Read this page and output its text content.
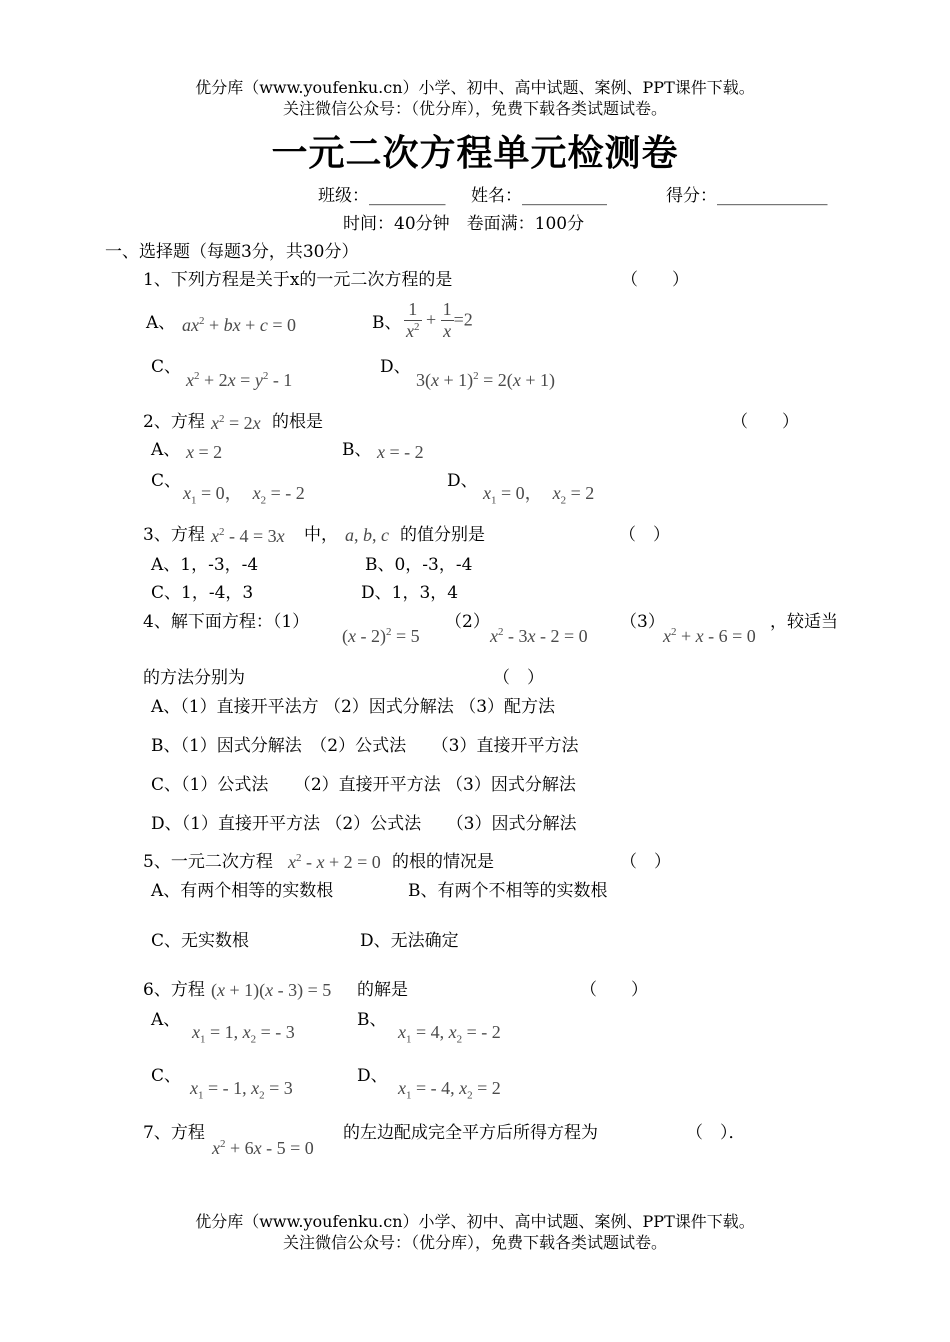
优分库（www.youfenku.cn）小学、初中、高中试题、案例、PPT课件下载。
关注微信公众号：（优分库），免费下载各类试题试卷。
一元二次方程单元检测卷
班级：_________ 姓名：__________	得分：_____________
时间：40分钟　卷面满：100分
一、选择题（每题3分，共30分）
1、下列方程是关于x的一元二次方程的是	（　　）
A、 $ax^2$ + bx + c = 0	B、 $\frac{1}{x^2} + \frac{1}{x} =2$
C、
$x^2 + 2x = y^2 - 1$
D、
$3(x + 1)^2 = 2(x + 1)$
2、方程 $x^2 = 2x$ 的根是	（　　）
A、 x = 2	B、 x = - 2
C、
$x_1 = 0$， $x_2$ = - 2
D、
$x_1 = 0$， $x_2 = 2$
3、方程 $x^2 - 4 = 3x$ 中， a, b, c 的值分别是	（　）
A、1，-3，-4	B、0，-3，-4
C、1，-4，3	D、1，3，4
4、解下面方程：（1）
(x - 2)$^2$ = 5
（2）
$x^2 - 3x - 2 = 0$
（3）
$x^2 + x - 6 = 0$
，较适当
的方法分别为	（　）
A、（1）直接开平法方 （2）因式分解法 （3）配方法
B、（1）因式分解法　（2）公式法　　（3）直接开平方法
C、（1）公式法　　（2）直接开平方法 （3）因式分解法
D、（1）直接开平方法 （2）公式法　　（3）因式分解法
5、一元二次方程 $x^2 - x + 2 = 0$ 的根的情况是	（　）
A、有两个相等的实数根	B、有两个不相等的实数根
C、无实数根	D、无法确定
6、方程 (x + 1)(x - 3) = 5 的解是	（　　）
A、
$x_1 = 1$, $x_2$ = - 3
B、
$x_1 = 4$, $x_2$ = - 2
C、
$x_1$ = - 1, $x_2 = 3$
D、
$x_1$ = - 4, $x_2 = 2$
7、方程
$x^2 + 6x - 5 = 0$
的左边配成完全平方后所得方程为	（　）．
优分库（www.youfenku.cn）小学、初中、高中试题、案例、PPT课件下载。
关注微信公众号：（优分库），免费下载各类试题试卷。
